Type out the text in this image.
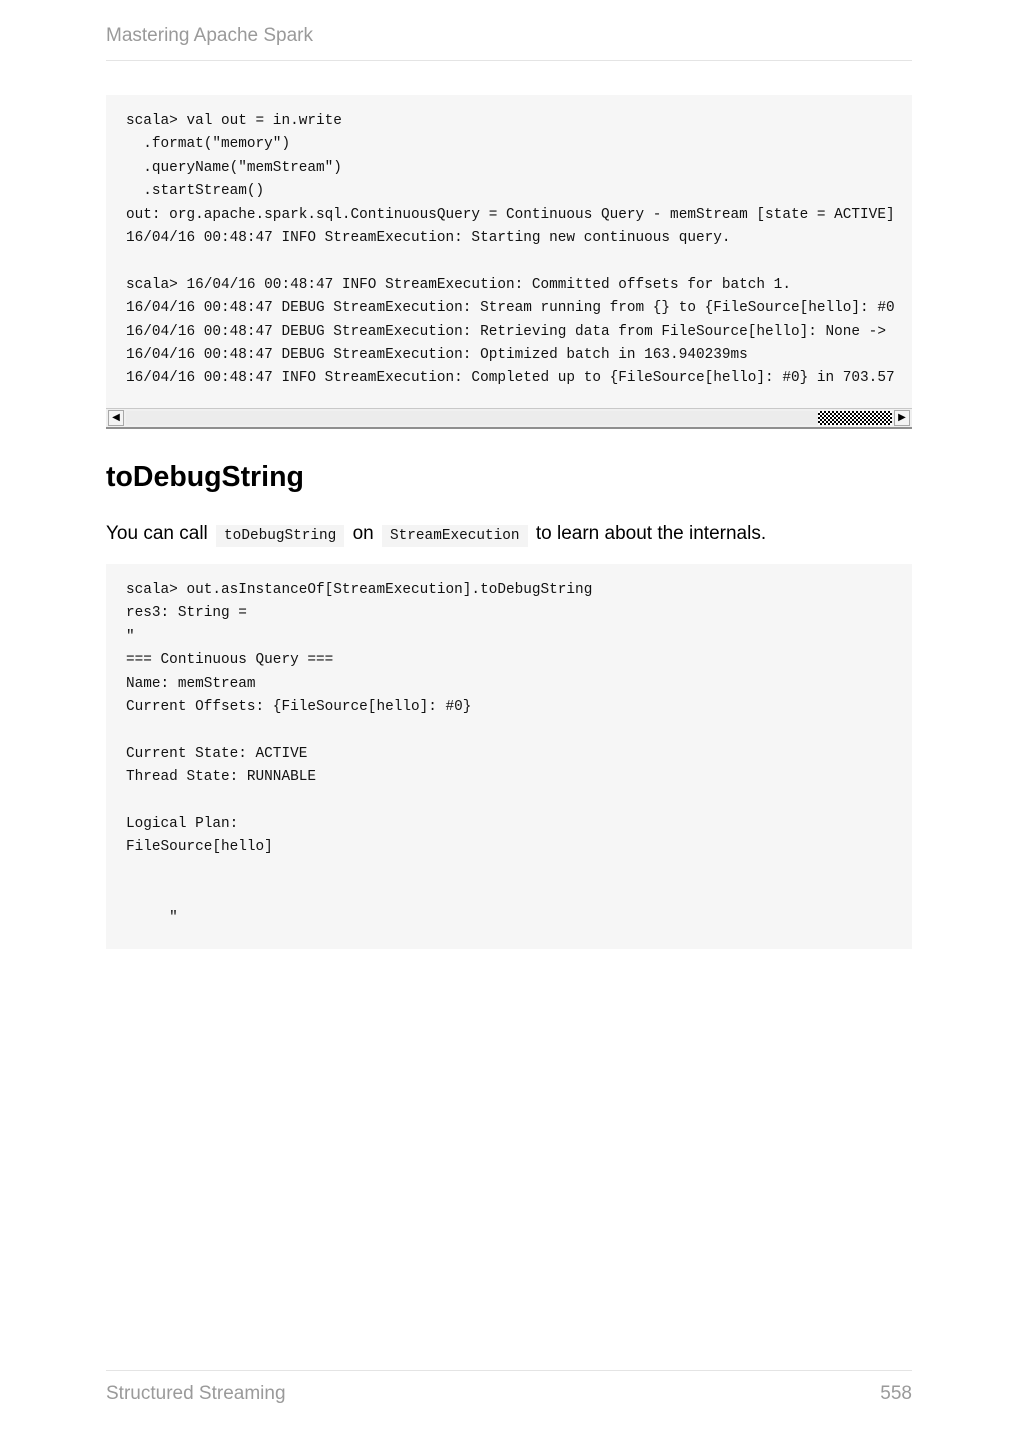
Mastering Apache Spark
scala> val out = in.write
.format("memory")
.queryName("memStream")
.startStream()
out: org.apache.spark.sql.ContinuousQuery = Continuous Query - memStream [state = ACTIVE]
16/04/16 00:48:47 INFO StreamExecution: Starting new continuous query.

scala> 16/04/16 00:48:47 INFO StreamExecution: Committed offsets for batch 1.
16/04/16 00:48:47 DEBUG StreamExecution: Stream running from {} to {FileSource[hello]: #0
16/04/16 00:48:47 DEBUG StreamExecution: Retrieving data from FileSource[hello]: None ->
16/04/16 00:48:47 DEBUG StreamExecution: Optimized batch in 163.940239ms
16/04/16 00:48:47 INFO StreamExecution: Completed up to {FileSource[hello]: #0} in 703.57
◀	▶
toDebugString

You can call toDebugString on StreamExecution to learn about the internals.

scala> out.asInstanceOf[StreamExecution].toDebugString
res3: String =
"
=== Continuous Query ===
Name: memStream
Current Offsets: {FileSource[hello]: #0}

Current State: ACTIVE
Thread State: RUNNABLE

Logical Plan:
FileSource[hello]

"
Structured Streaming	558
